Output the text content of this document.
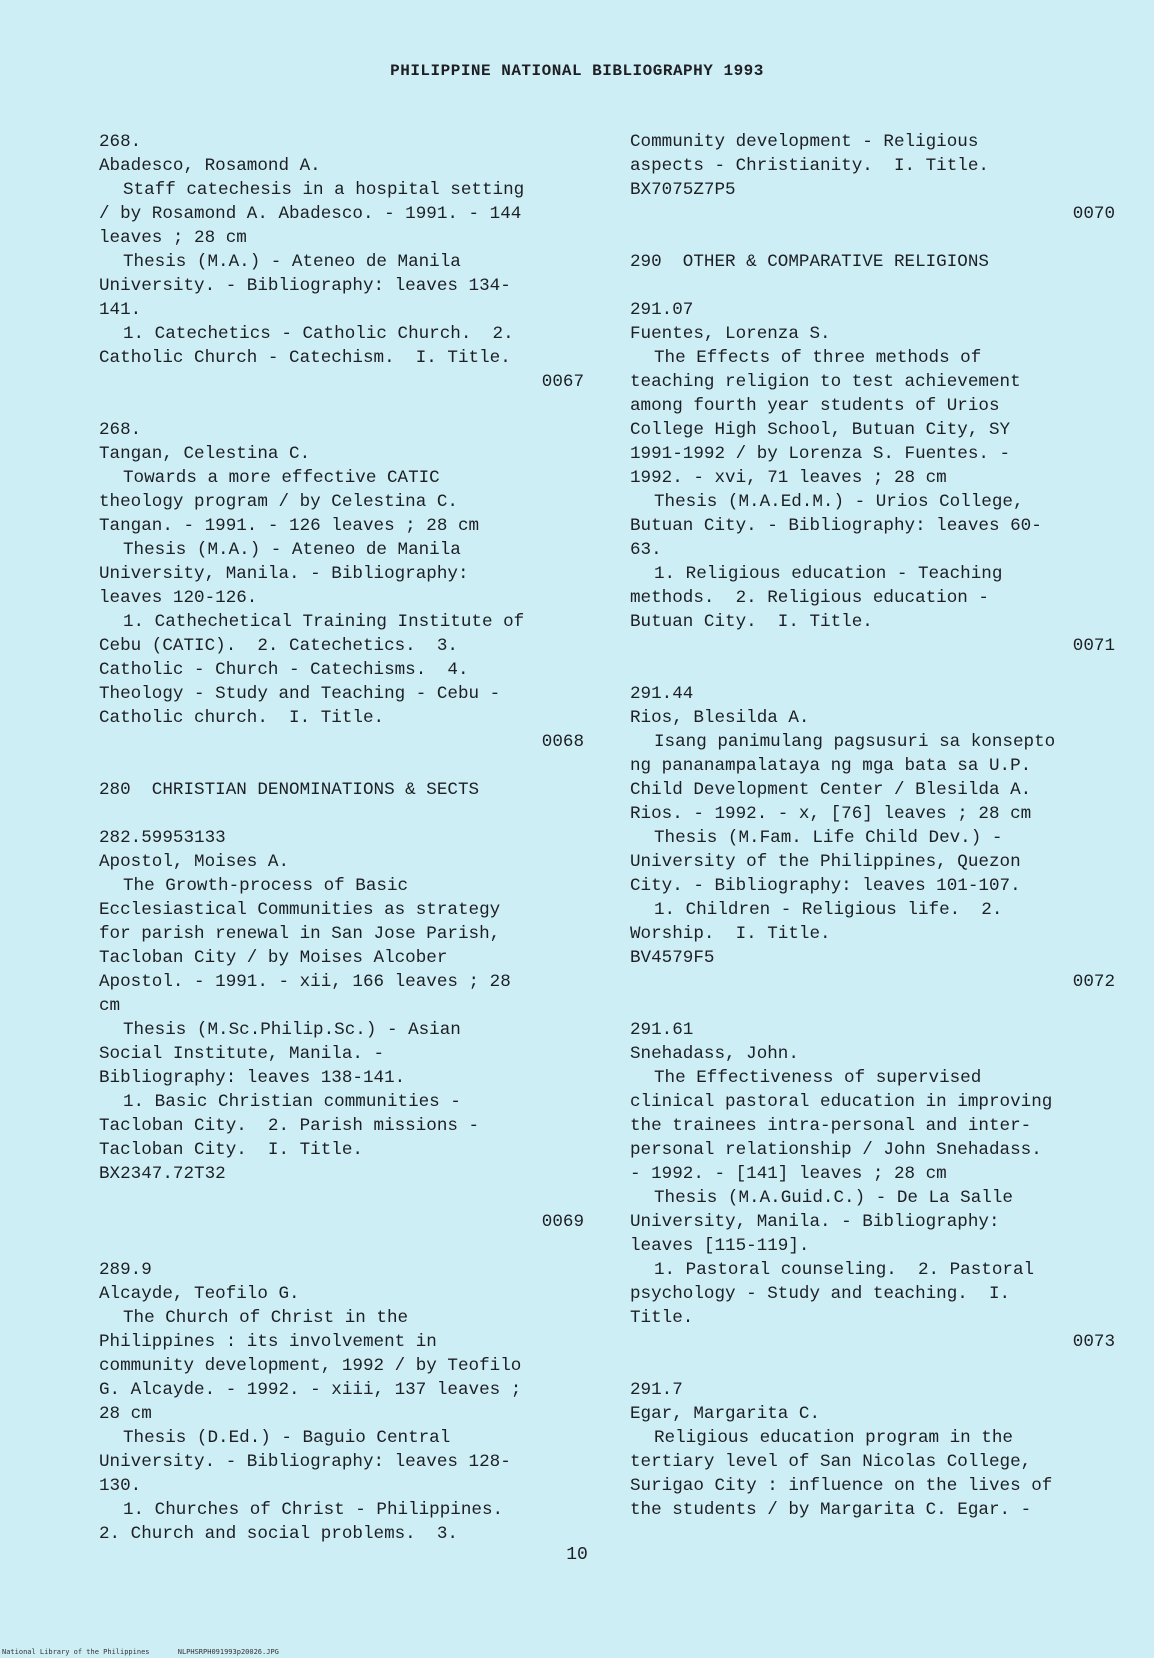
PHILIPPINE NATIONAL BIBLIOGRAPHY 1993
268.
Abadesco, Rosamond A.
Staff catechesis in a hospital setting
/ by Rosamond A. Abadesco. - 1991. - 144
leaves ; 28 cm
Thesis (M.A.) - Ateneo de Manila
University. - Bibliography: leaves 134-
141.
1. Catechetics - Catholic Church.  2.
Catholic Church - Catechism.  I. Title.
0067
268.
Tangan, Celestina C.
Towards a more effective CATIC
theology program / by Celestina C.
Tangan. - 1991. - 126 leaves ; 28 cm
Thesis (M.A.) - Ateneo de Manila
University, Manila. - Bibliography:
leaves 120-126.
1. Cathechetical Training Institute of
Cebu (CATIC).  2. Catechetics.  3.
Catholic - Church - Catechisms.  4.
Theology - Study and Teaching - Cebu -
Catholic church.  I. Title.
0068
280  CHRISTIAN DENOMINATIONS & SECTS
282.59953133
Apostol, Moises A.
The Growth-process of Basic
Ecclesiastical Communities as strategy
for parish renewal in San Jose Parish,
Tacloban City / by Moises Alcober
Apostol. - 1991. - xii, 166 leaves ; 28
cm
Thesis (M.Sc.Philip.Sc.) - Asian
Social Institute, Manila. -
Bibliography: leaves 138-141.
1. Basic Christian communities -
Tacloban City.  2. Parish missions -
Tacloban City.  I. Title.
BX2347.72T32

0069
289.9
Alcayde, Teofilo G.
The Church of Christ in the
Philippines : its involvement in
community development, 1992 / by Teofilo
G. Alcayde. - 1992. - xiii, 137 leaves ;
28 cm
Thesis (D.Ed.) - Baguio Central
University. - Bibliography: leaves 128-
130.
1. Churches of Christ - Philippines.
2. Church and social problems.  3.
Community development - Religious
aspects - Christianity.  I. Title.
BX7075Z7P5
0070
290  OTHER & COMPARATIVE RELIGIONS
291.07
Fuentes, Lorenza S.
The Effects of three methods of
teaching religion to test achievement
among fourth year students of Urios
College High School, Butuan City, SY
1991-1992 / by Lorenza S. Fuentes. -
1992. - xvi, 71 leaves ; 28 cm
Thesis (M.A.Ed.M.) - Urios College,
Butuan City. - Bibliography: leaves 60-
63.
1. Religious education - Teaching
methods.  2. Religious education -
Butuan City.  I. Title.
0071
291.44
Rios, Blesilda A.
Isang panimulang pagsusuri sa konsepto
ng pananampalataya ng mga bata sa U.P.
Child Development Center / Blesilda A.
Rios. - 1992. - x, [76] leaves ; 28 cm
Thesis (M.Fam. Life Child Dev.) -
University of the Philippines, Quezon
City. - Bibliography: leaves 101-107.
1. Children - Religious life.  2.
Worship.  I. Title.
BV4579F5
0072
291.61
Snehadass, John.
The Effectiveness of supervised
clinical pastoral education in improving
the trainees intra-personal and inter-
personal relationship / John Snehadass.
- 1992. - [141] leaves ; 28 cm
Thesis (M.A.Guid.C.) - De La Salle
University, Manila. - Bibliography:
leaves [115-119].
1. Pastoral counseling.  2. Pastoral
psychology - Study and teaching.  I.
Title.
0073
291.7
Egar, Margarita C.
Religious education program in the
tertiary level of San Nicolas College,
Surigao City : influence on the lives of
the students / by Margarita C. Egar. -
10
National Library of the Philippines	NLPHSRPH091993p20026.JPG
